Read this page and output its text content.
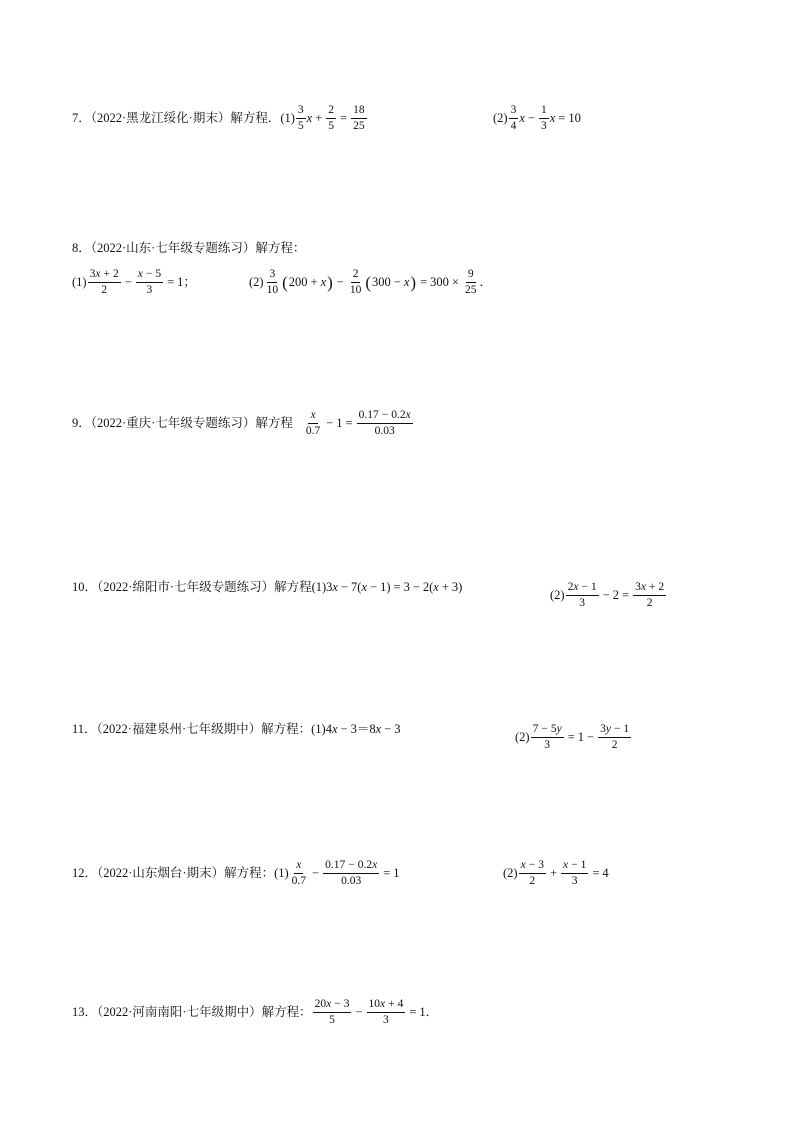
7．（2022·黑龙江绥化·期末）解方程． $(1) \frac{3}{5}$ $x + \frac{2}{5} = \frac{18}{25}$	$(2) \frac{3}{4}$ $x - \frac{1}{3}$ x = 10
8．（2022·山东·七年级专题练习）解方程：
$(1) \frac{3x + 2}{2} - \frac{x - 5}{3} = 1$ ；	$(2) \frac{3}{10}$ ( 200 + x ) − $\frac{2}{10}$ ( 300 − x ) = $300 \times \frac{9}{25}$ ．
9．（2022·重庆·七年级专题练习）解方程 $\frac{x}{0.7} - 1 = \frac{0.17 - 0.2x}{0.03}$
10．（2022·绵阳市·七年级专题练习）解方程 (1) 3 x − 7 ( x − 1 ) = 3 − 2 ( x + 3 )
$(2) \frac{2x - 1}{3} - 2 = \frac{3x + 2}{2}$
11．（2022·福建泉州·七年级期中）解方程： (1) 4 x − 3 ＝ 8 x − 3
$(2) \frac{7 - 5y}{3} = 1 - \frac{3y - 1}{2}$
12．（2022·山东烟台·期末）解方程： $(1) \frac{x}{0.7} - \frac{0.17 - 0.2x}{0.03} = 1$	$(2) \frac{x - 3}{2} + \frac{x - 1}{3} = 4$
13．（2022·河南南阳·七年级期中）解方程： $\frac{20x - 3}{5} - \frac{10x + 4}{3} = 1$ ．
